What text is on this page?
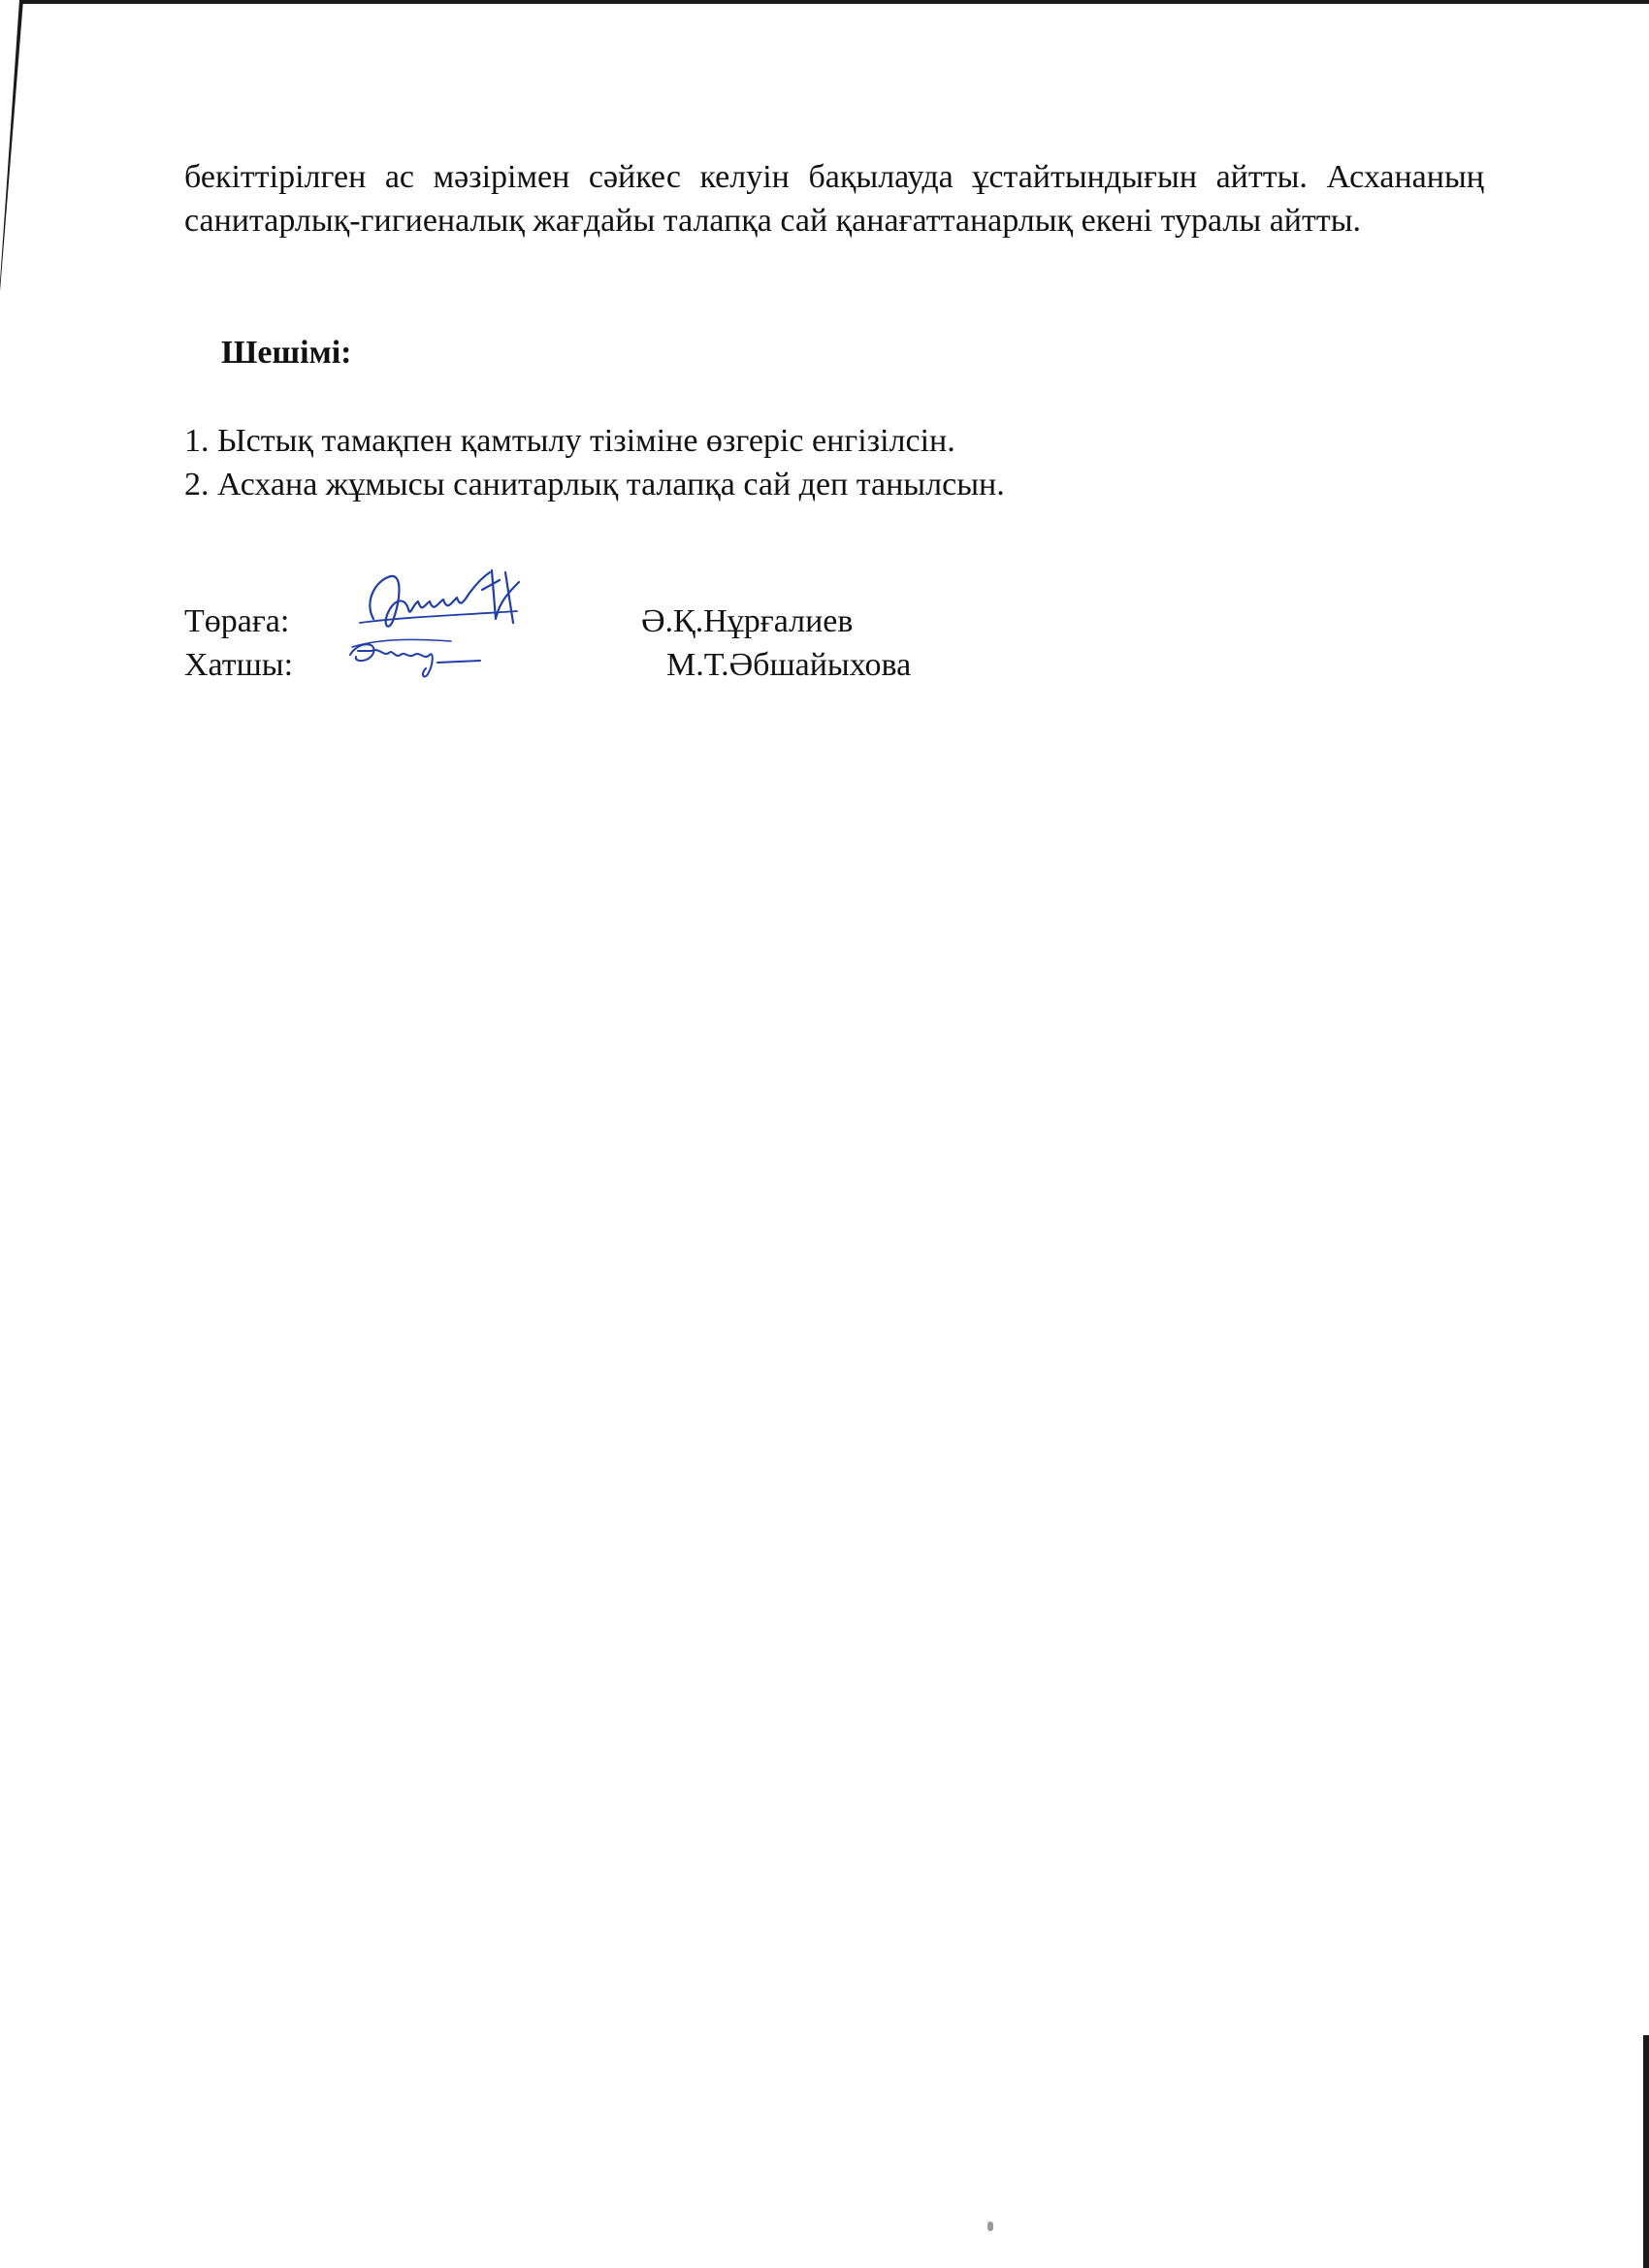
бекіттірілген ас мәзірімен сәйкес келуін бақылауда ұстайтындығын айтты. Асхананың санитарлық-гигиеналық жағдайы талапқа сай қанағаттанарлық екені туралы айтты.

Шешімі:

1. Ыстық тамақпен қамтылу тізіміне өзгеріс енгізілсін.
2. Асхана жұмысы санитарлық талапқа сай деп танылсын.
Төраға:	Ә.Қ.Нұрғалиев
Хатшы:	М.Т.Әбшайыхова
